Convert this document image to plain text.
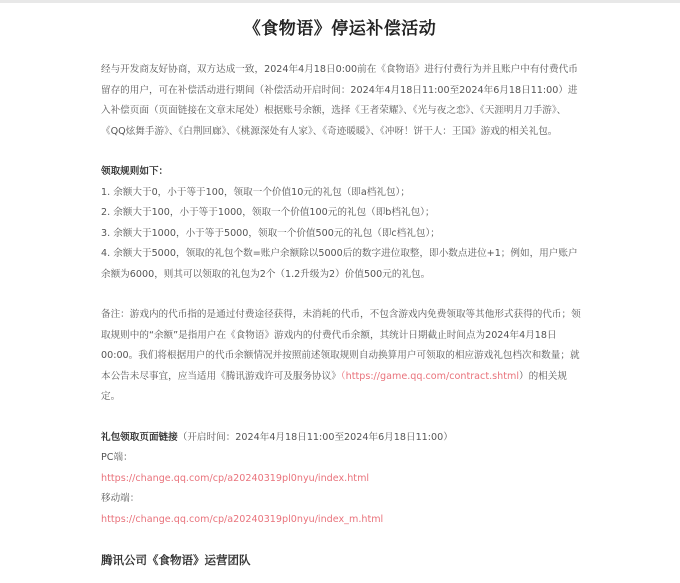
《食物语》停运补偿活动

经与开发商友好协商，双方达成一致，2024年4月18日0:00前在《食物语》进行付费行为并且账户中有付费代币留存的用户，可在补偿活动进行期间（补偿活动开启时间：2024年4月18日11:00至2024年6月18日11:00）进入补偿页面（页面链接在文章末尾处）根据账号余额，选择《王者荣耀》、《光与夜之恋》、《天涯明月刀手游》、《QQ炫舞手游》、《白荆回廊》、《桃源深处有人家》、《奇迹暖暖》、《冲呀！饼干人：王国》游戏的相关礼包。

领取规则如下：

1. 余额大于0，小于等于100，领取一个价值10元的礼包（即a档礼包）；

2. 余额大于100，小于等于1000，领取一个价值100元的礼包（即b档礼包）；

3. 余额大于1000，小于等于5000，领取一个价值500元的礼包（即c档礼包）；

4. 余额大于5000，领取的礼包个数=账户余额除以5000后的数字进位取整，即小数点进位+1；例如，用户账户余额为6000，则其可以领取的礼包为2个（1.2升级为2）价值500元的礼包。

备注：游戏内的代币指的是通过付费途径获得，未消耗的代币，不包含游戏内免费领取等其他形式获得的代币；领取规则中的“余额”是指用户在《食物语》游戏内的付费代币余额，其统计日期截止时间点为2024年4月18日00:00。我们将根据用户的代币余额情况并按照前述领取规则自动换算用户可领取的相应游戏礼包档次和数量；就本公告未尽事宜，应当适用《腾讯游戏许可及服务协议》（https://game.qq.com/contract.shtml）的相关规定。

礼包领取页面链接（开启时间：2024年4月18日11:00至2024年6月18日11:00）

PC端：

https://change.qq.com/cp/a20240319pl0nyu/index.html

移动端：

https://change.qq.com/cp/a20240319pl0nyu/index_m.html

腾讯公司《食物语》运营团队
